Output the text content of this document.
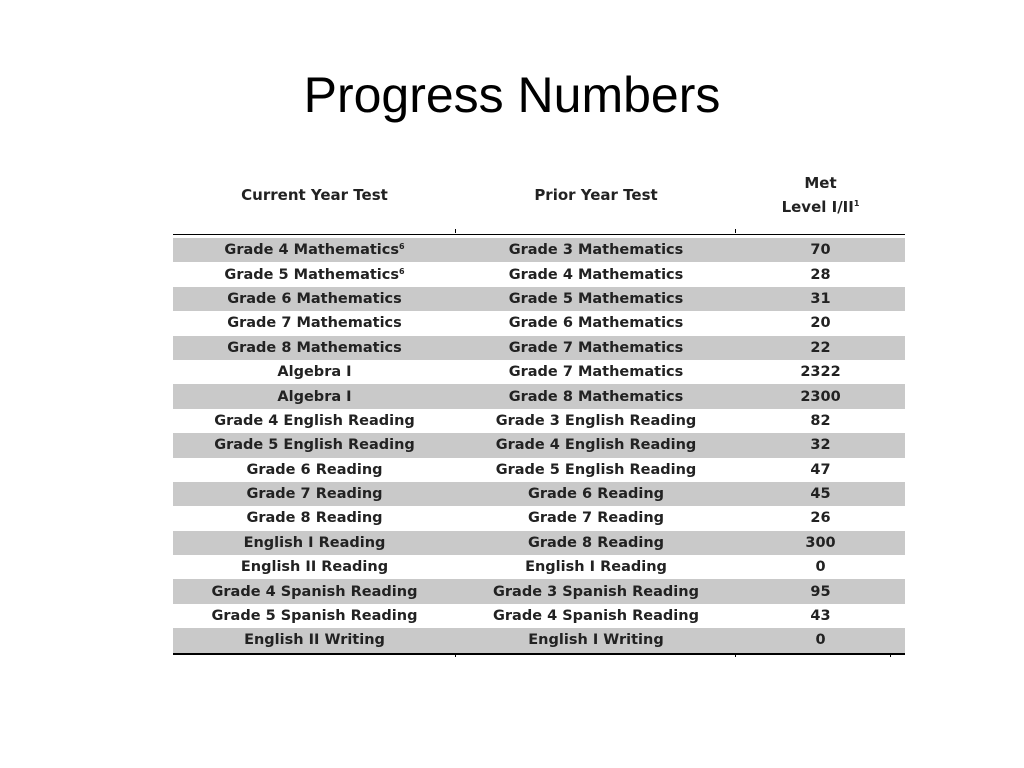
Progress Numbers
Current Year Test	Prior Year Test	Met
Level $I/II^1$

Grade 4 Mathematics$^6$	Grade 3 Mathematics	70
Grade 5 Mathematics$^6$	Grade 4 Mathematics	28
Grade 6 Mathematics	Grade 5 Mathematics	31
Grade 7 Mathematics	Grade 6 Mathematics	20
Grade 8 Mathematics	Grade 7 Mathematics	22
Algebra I	Grade 7 Mathematics	2322
Algebra I	Grade 8 Mathematics	2300
Grade 4 English Reading	Grade 3 English Reading	82
Grade 5 English Reading	Grade 4 English Reading	32
Grade 6 Reading	Grade 5 English Reading	47
Grade 7 Reading	Grade 6 Reading	45
Grade 8 Reading	Grade 7 Reading	26
English I Reading	Grade 8 Reading	300
English II Reading	English I Reading	0
Grade 4 Spanish Reading	Grade 3 Spanish Reading	95
Grade 5 Spanish Reading	Grade 4 Spanish Reading	43
English II Writing	English I Writing	0
